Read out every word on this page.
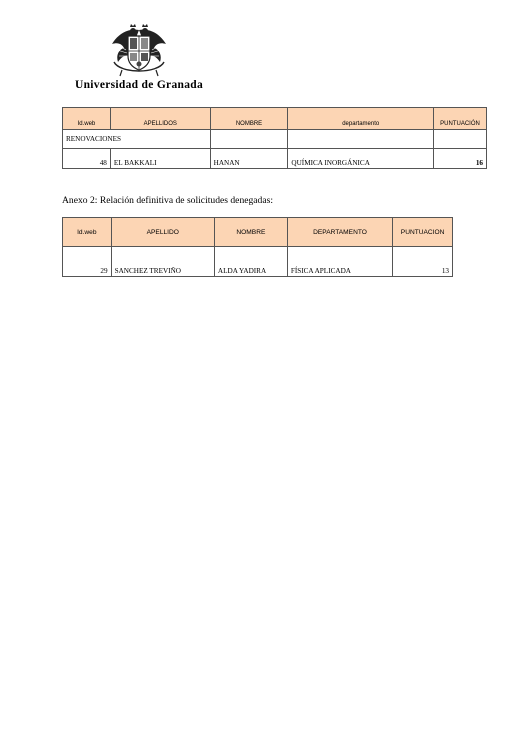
Universidad de Granada
Id.web	APELLIDOS	NOMBRE	departamento	PUNTUACIÓN
RENOVACIONES				
48	EL BAKKALI	HANAN	QUÍMICA INORGÁNICA	16
Anexo 2: Relación definitiva de solicitudes denegadas:
Id.web	APELLIDO	NOMBRE	DEPARTAMENTO	PUNTUACION
29	SANCHEZ TREVIÑO	ALDA YADIRA	FÍSICA APLICADA	13
